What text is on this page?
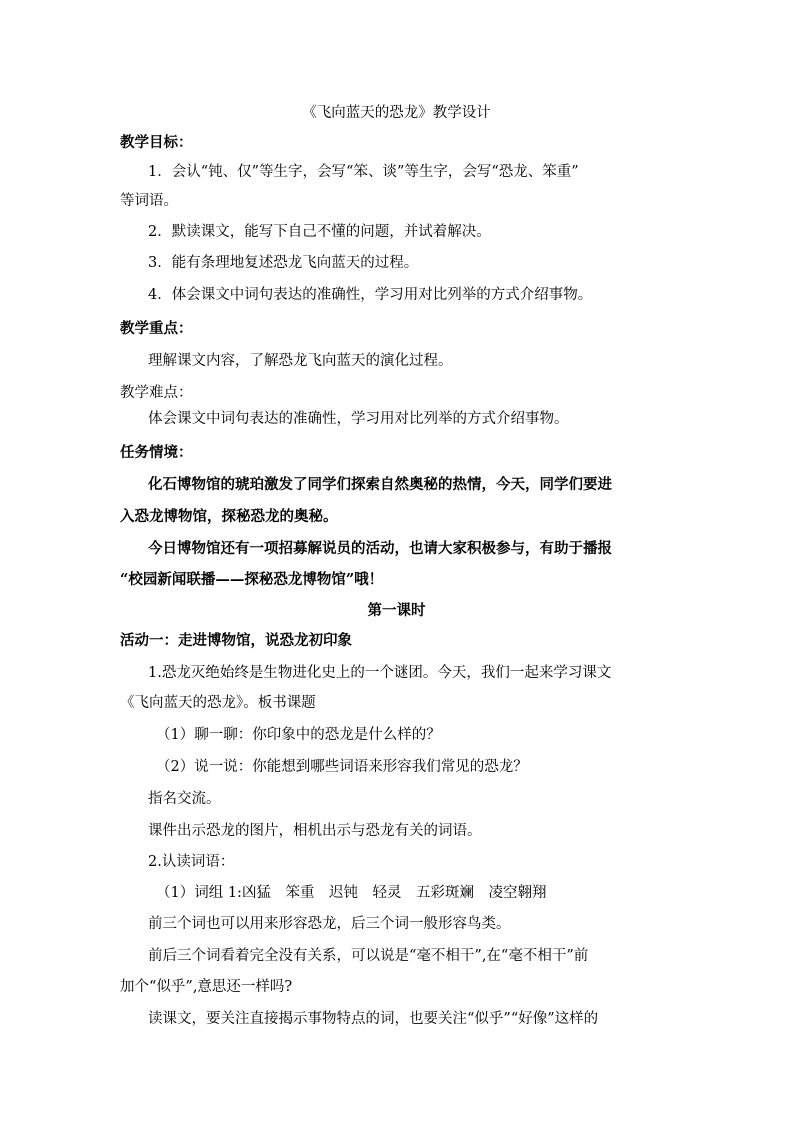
《飞向蓝天的恐龙》教学设计
教学目标：
1．会认“钝、仅”等生字，会写“笨、谈”等生字，会写“恐龙、笨重”
等词语。
2．默读课文，能写下自己不懂的问题，并试着解决。
3．能有条理地复述恐龙飞向蓝天的过程。
4．体会课文中词句表达的准确性，学习用对比列举的方式介绍事物。
教学重点：
理解课文内容，了解恐龙飞向蓝天的演化过程。
教学难点：
体会课文中词句表达的准确性，学习用对比列举的方式介绍事物。
任务情境：
化石博物馆的琥珀激发了同学们探索自然奥秘的热情，今天，同学们要进
入恐龙博物馆，探秘恐龙的奥秘。
今日博物馆还有一项招募解说员的活动，也请大家积极参与，有助于播报
“校园新闻联播——探秘恐龙博物馆”哦！
第一课时
活动一：走进博物馆，说恐龙初印象
1.恐龙灭绝始终是生物进化史上的一个谜团。今天，我们一起来学习课文
《飞向蓝天的恐龙》。板书课题
（1）聊一聊：你印象中的恐龙是什么样的？
（2）说一说：你能想到哪些词语来形容我们常见的恐龙？
指名交流。
课件出示恐龙的图片，相机出示与恐龙有关的词语。
2.认读词语：
（1）词组 1:凶猛　笨重　迟钝　轻灵　五彩斑斓　凌空翱翔
前三个词也可以用来形容恐龙，后三个词一般形容鸟类。
前后三个词看着完全没有关系，可以说是“毫不相干”,在“毫不相干”前
加个“似乎”,意思还一样吗?
读课文，要关注直接揭示事物特点的词，也要关注“似乎”“好像”这样的
